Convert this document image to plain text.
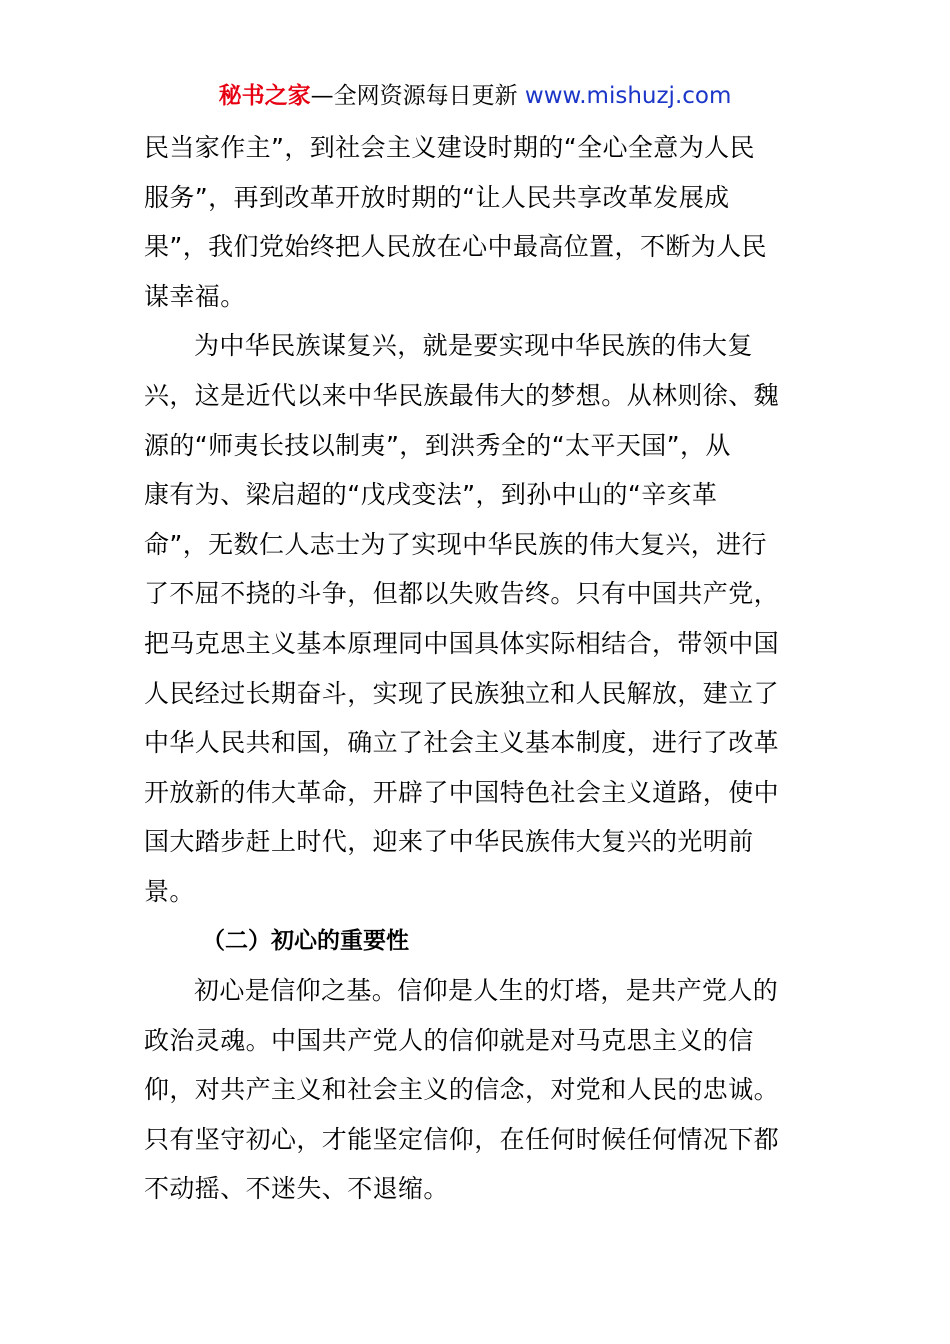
秘书之家—全网资源每日更新 www.mishuzj.com
民当家作主”，到社会主义建设时期的“全心全意为人民
服务”，再到改革开放时期的“让人民共享改革发展成
果”，我们党始终把人民放在心中最高位置，不断为人民
谋幸福。
为中华民族谋复兴，就是要实现中华民族的伟大复
兴，这是近代以来中华民族最伟大的梦想。从林则徐、魏
源的“师夷长技以制夷”，到洪秀全的“太平天国”，从
康有为、梁启超的“戊戌变法”，到孙中山的“辛亥革
命”，无数仁人志士为了实现中华民族的伟大复兴，进行
了不屈不挠的斗争，但都以失败告终。只有中国共产党，
把马克思主义基本原理同中国具体实际相结合，带领中国
人民经过长期奋斗，实现了民族独立和人民解放，建立了
中华人民共和国，确立了社会主义基本制度，进行了改革
开放新的伟大革命，开辟了中国特色社会主义道路，使中
国大踏步赶上时代，迎来了中华民族伟大复兴的光明前
景。
（二）初心的重要性
初心是信仰之基。信仰是人生的灯塔，是共产党人的
政治灵魂。中国共产党人的信仰就是对马克思主义的信
仰，对共产主义和社会主义的信念，对党和人民的忠诚。
只有坚守初心，才能坚定信仰，在任何时候任何情况下都
不动摇、不迷失、不退缩。
